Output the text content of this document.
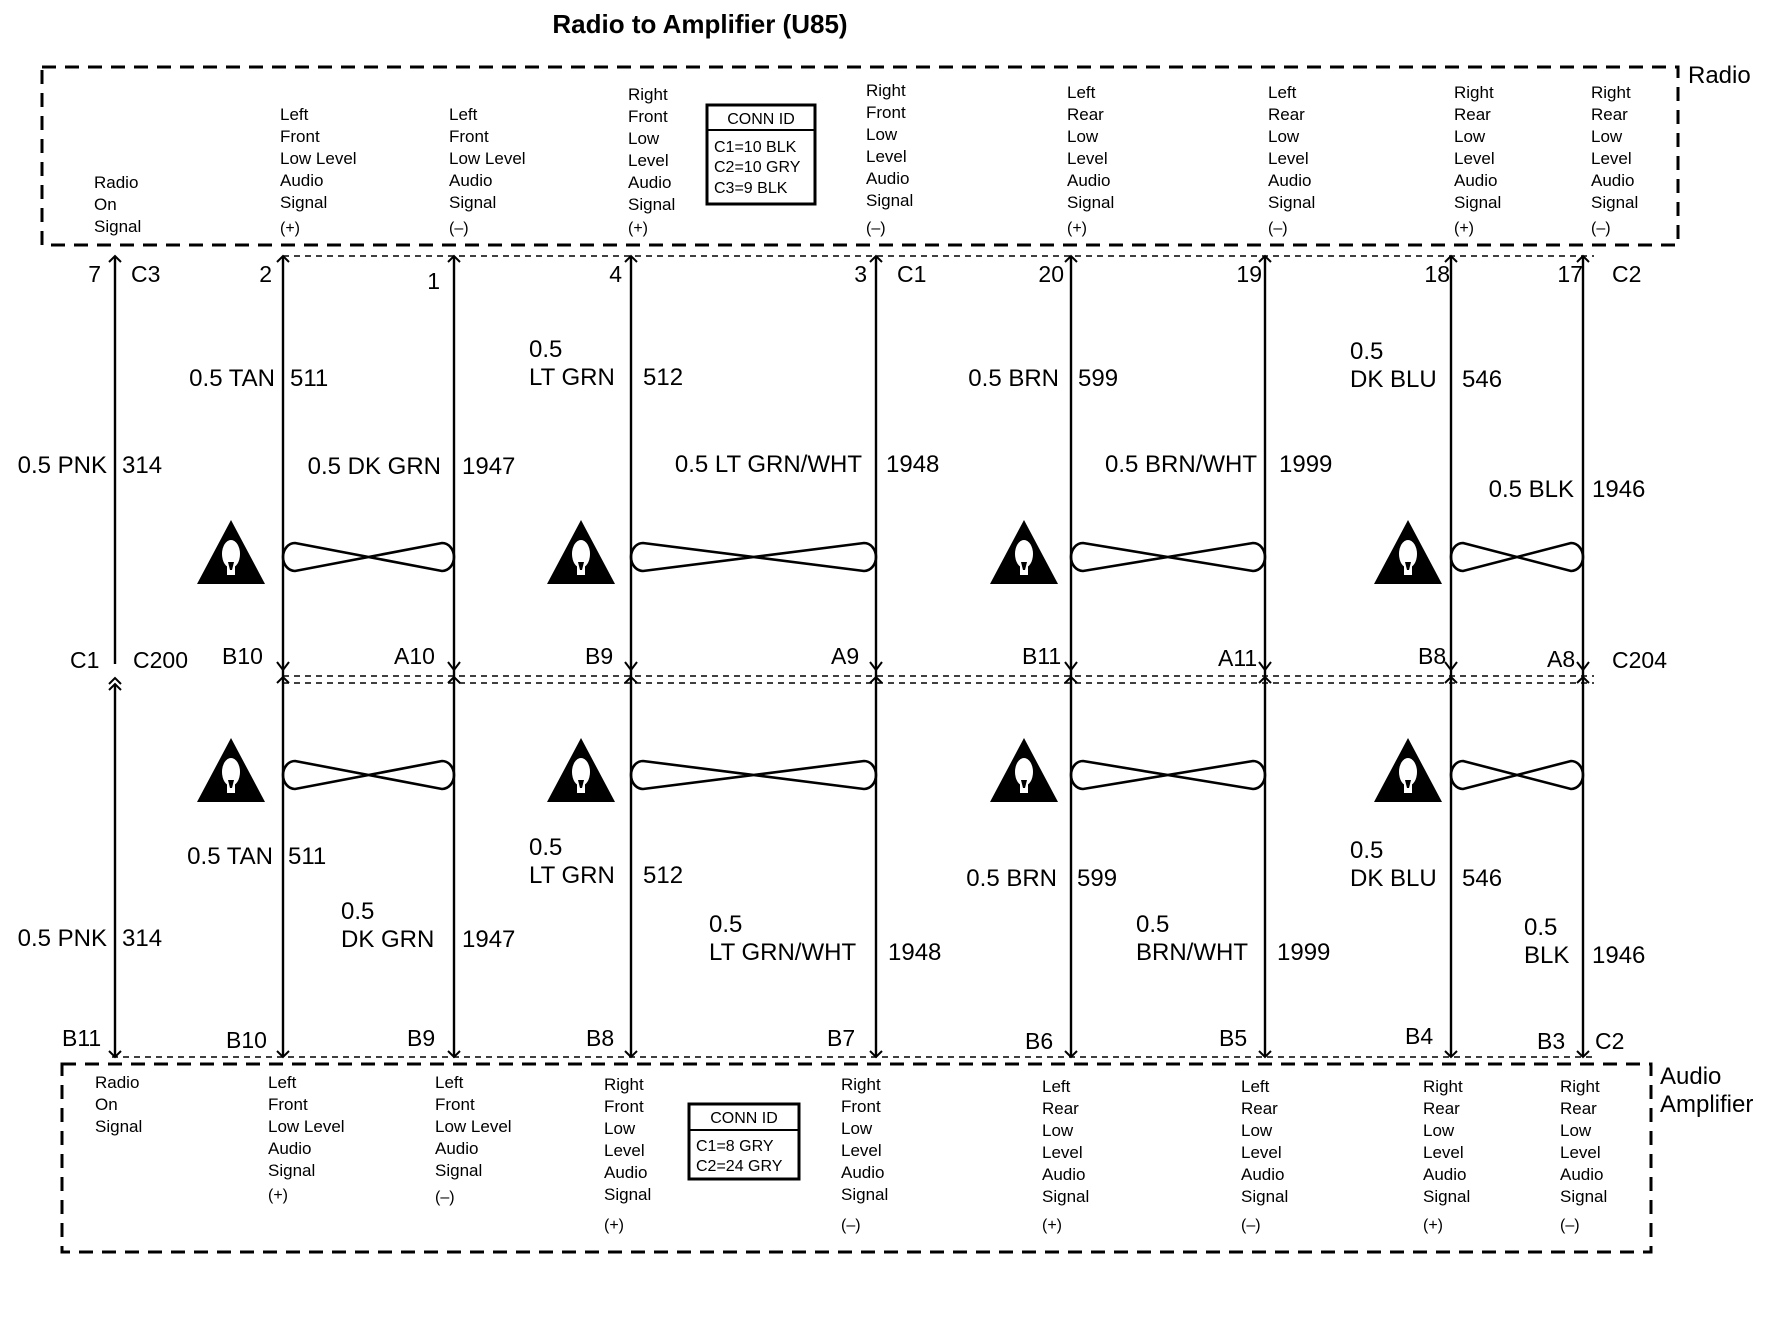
Radio to Amplifier (U85)
Radio
CONN ID
C1=10 BLK
C2=10 GRY
C3=9 BLK
Radio On Signal
Left Front Low Level Audio Signal (+)
Left Front Low Level Audio Signal (–)
Right Front Low Level Audio Signal (+)
Right Front Low Level Audio Signal (–)
Left Rear Low Level Audio Signal (+)
Left Rear Low Level Audio Signal (–)
Right Rear Low Level Audio Signal (+)
Right Rear Low Level Audio Signal (–)
7	2	1	4	3	20	19	18	17
C3	C1	C2
C1 C200	C204
B10	A10	B9	A9	B11	A11	B8	A8
0.5 PNK 314
0.5 TAN 511
0.5 DK GRN 1947
0.5
LT GRN 512
0.5 LT GRN/WHT 1948
0.5 BRN 599
0.5 BRN/WHT 1999
0.5
DK BLU 546
0.5 BLK 1946
0.5 PNK 314
0.5 TAN 511
0.5
DK GRN 1947
0.5
LT GRN 512
0.5
LT GRN/WHT 1948
0.5 BRN 599
0.5
BRN/WHT 1999
0.5
DK BLU 546
0.5
BLK 1946
B11	B10	B9	B8	B7	B6	B5	B4	B3 C2
Audio
Amplifier
CONN ID
C1=8 GRY
C2=24 GRY
Radio On Signal
Left Front Low Level Audio Signal (+)
Left Front Low Level Audio Signal (–)
Right Front Low Level Audio Signal (+)
Right Front Low Level Audio Signal (–)
Left Rear Low Level Audio Signal (+)
Left Rear Low Level Audio Signal (–)
Right Rear Low Level Audio Signal (+)
Right Rear Low Level Audio Signal (–)
